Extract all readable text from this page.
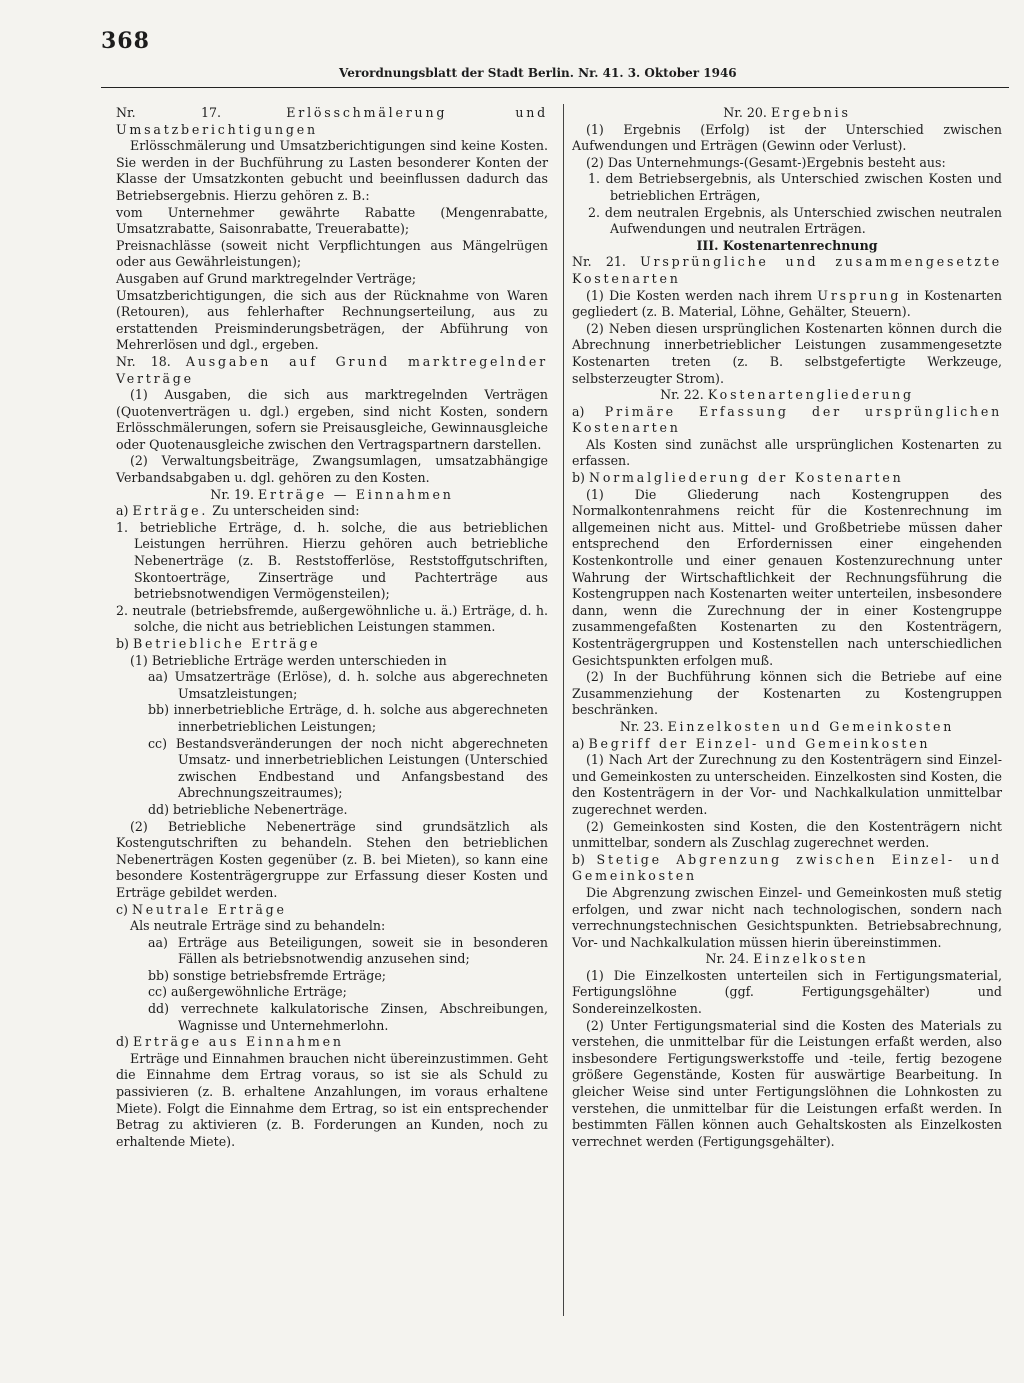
368
Verordnungsblatt der Stadt Berlin. Nr. 41. 3. Oktober 1946

Nr. 17.	Erlösschmälerung und Umsatzberichtigungen

Erlösschmälerung und Umsatzberichtigungen sind keine Kosten. Sie werden in der Buchführung zu Lasten besonderer Konten der Klasse der Umsatzkonten gebucht und beeinflussen dadurch das Betriebsergebnis. Hierzu gehören z. B.:

vom Unternehmer gewährte Rabatte (Mengenrabatte, Umsatzrabatte, Saisonrabatte, Treuerabatte);

Preisnachlässe (soweit nicht Verpflichtungen aus Mängelrügen oder aus Gewährleistungen);

Ausgaben auf Grund marktregelnder Verträge;

Umsatzberichtigungen, die sich aus der Rücknahme von Waren (Retouren), aus fehlerhafter Rechnungserteilung, aus zu erstattenden Preisminderungsbeträgen, der Abführung von Mehrerlösen und dgl., ergeben.

Nr. 18. Ausgaben auf Grund marktregelnder Verträge

(1) Ausgaben, die sich aus marktregelnden Verträgen (Quotenverträgen u. dgl.) ergeben, sind nicht Kosten, sondern Erlösschmälerungen, sofern sie Preisausgleiche, Gewinnausgleiche oder Quotenausgleiche zwischen den Vertragspartnern darstellen.

(2) Verwaltungsbeiträge, Zwangsumlagen, umsatzabhängige Verbandsabgaben u. dgl. gehören zu den Kosten.

Nr. 19. Erträge — Einnahmen

a) Erträge. Zu unterscheiden sind:

1. betriebliche Erträge, d. h. solche, die aus betrieblichen Leistungen herrühren. Hierzu gehören auch betriebliche Nebenerträge (z. B. Reststofferlöse, Reststoffgutschriften, Skontoerträge, Zinserträge und Pachterträge aus betriebsnotwendigen Vermögensteilen);

2. neutrale (betriebsfremde, außergewöhnliche u. ä.) Erträge, d. h. solche, die nicht aus betrieblichen Leistungen stammen.

b) Betriebliche Erträge

(1) Betriebliche Erträge werden unterschieden in

aa) Umsatzerträge (Erlöse), d. h. solche aus abgerechneten Umsatzleistungen;

bb) innerbetriebliche Erträge, d. h. solche aus abgerechneten innerbetrieblichen Leistungen;

cc) Bestandsveränderungen der noch nicht abgerechneten Umsatz- und innerbetrieblichen Leistungen (Unterschied zwischen Endbestand und Anfangsbestand des Abrechnungszeitraumes);

dd) betriebliche Nebenerträge.

(2) Betriebliche Nebenerträge sind grundsätzlich als Kostengutschriften zu behandeln. Stehen den betrieblichen Nebenerträgen Kosten gegenüber (z. B. bei Mieten), so kann eine besondere Kostenträgergruppe zur Erfassung dieser Kosten und Erträge gebildet werden.

c) Neutrale Erträge

Als neutrale Erträge sind zu behandeln:

aa) Erträge aus Beteiligungen, soweit sie in besonderen Fällen als betriebsnotwendig anzusehen sind;

bb) sonstige betriebsfremde Erträge;

cc) außergewöhnliche Erträge;

dd) verrechnete kalkulatorische Zinsen, Abschreibungen, Wagnisse und Unternehmerlohn.

d) Erträge aus Einnahmen

Erträge und Einnahmen brauchen nicht übereinzustimmen. Geht die Einnahme dem Ertrag voraus, so ist sie als Schuld zu passivieren (z. B. erhaltene Anzahlungen, im voraus erhaltene Miete). Folgt die Einnahme dem Ertrag, so ist ein entsprechender Betrag zu aktivieren (z. B. Forderungen an Kunden, noch zu erhaltende Miete).

Nr. 20. Ergebnis

(1) Ergebnis (Erfolg) ist der Unterschied zwischen Aufwendungen und Erträgen (Gewinn oder Verlust).

(2) Das Unternehmungs-(Gesamt-)Ergebnis besteht aus:

1. dem Betriebsergebnis, als Unterschied zwischen Kosten und betrieblichen Erträgen,

2. dem neutralen Ergebnis, als Unterschied zwischen neutralen Aufwendungen und neutralen Erträgen.

III. Kostenartenrechnung

Nr. 21. Ursprüngliche und zusammengesetzte Kostenarten

(1) Die Kosten werden nach ihrem Ursprung in Kostenarten gegliedert (z. B. Material, Löhne, Gehälter, Steuern).

(2) Neben diesen ursprünglichen Kostenarten können durch die Abrechnung innerbetrieblicher Leistungen zusammengesetzte Kostenarten treten (z. B. selbstgefertigte Werkzeuge, selbsterzeugter Strom).

Nr. 22. Kostenartengliederung

a) Primäre Erfassung der ursprünglichen Kostenarten

Als Kosten sind zunächst alle ursprünglichen Kostenarten zu erfassen.

b) Normalgliederung der Kostenarten

(1) Die Gliederung nach Kostengruppen des Normalkontenrahmens reicht für die Kostenrechnung im allgemeinen nicht aus. Mittel- und Großbetriebe müssen daher entsprechend den Erfordernissen einer eingehenden Kostenkontrolle und einer genauen Kostenzurechnung unter Wahrung der Wirtschaftlichkeit der Rechnungsführung die Kostengruppen nach Kostenarten weiter unterteilen, insbesondere dann, wenn die Zurechnung der in einer Kostengruppe zusammengefaßten Kostenarten zu den Kostenträgern, Kostenträgergruppen und Kostenstellen nach unterschiedlichen Gesichtspunkten erfolgen muß.

(2) In der Buchführung können sich die Betriebe auf eine Zusammenziehung der Kostenarten zu Kostengruppen beschränken.

Nr. 23. Einzelkosten und Gemeinkosten

a) Begriff der Einzel- und Gemeinkosten

(1) Nach Art der Zurechnung zu den Kostenträgern sind Einzel- und Gemeinkosten zu unterscheiden. Einzelkosten sind Kosten, die den Kostenträgern in der Vor- und Nachkalkulation unmittelbar zugerechnet werden.

(2) Gemeinkosten sind Kosten, die den Kostenträgern nicht unmittelbar, sondern als Zuschlag zugerechnet werden.

b) Stetige Abgrenzung zwischen Einzel- und Gemeinkosten

Die Abgrenzung zwischen Einzel- und Gemeinkosten muß stetig erfolgen, und zwar nicht nach technologischen, sondern nach verrechnungstechnischen Gesichtspunkten. Betriebsabrechnung, Vor- und Nachkalkulation müssen hierin übereinstimmen.

Nr. 24. Einzelkosten

(1) Die Einzelkosten unterteilen sich in Fertigungsmaterial, Fertigungslöhne (ggf. Fertigungsgehälter) und Sondereinzelkosten.

(2) Unter Fertigungsmaterial sind die Kosten des Materials zu verstehen, die unmittelbar für die Leistungen erfaßt werden, also insbesondere Fertigungswerkstoffe und -teile, fertig bezogene größere Gegenstände, Kosten für auswärtige Bearbeitung. In gleicher Weise sind unter Fertigungslöhnen die Lohnkosten zu verstehen, die unmittelbar für die Leistungen erfaßt werden. In bestimmten Fällen können auch Gehaltskosten als Einzelkosten verrechnet werden (Fertigungsgehälter).
